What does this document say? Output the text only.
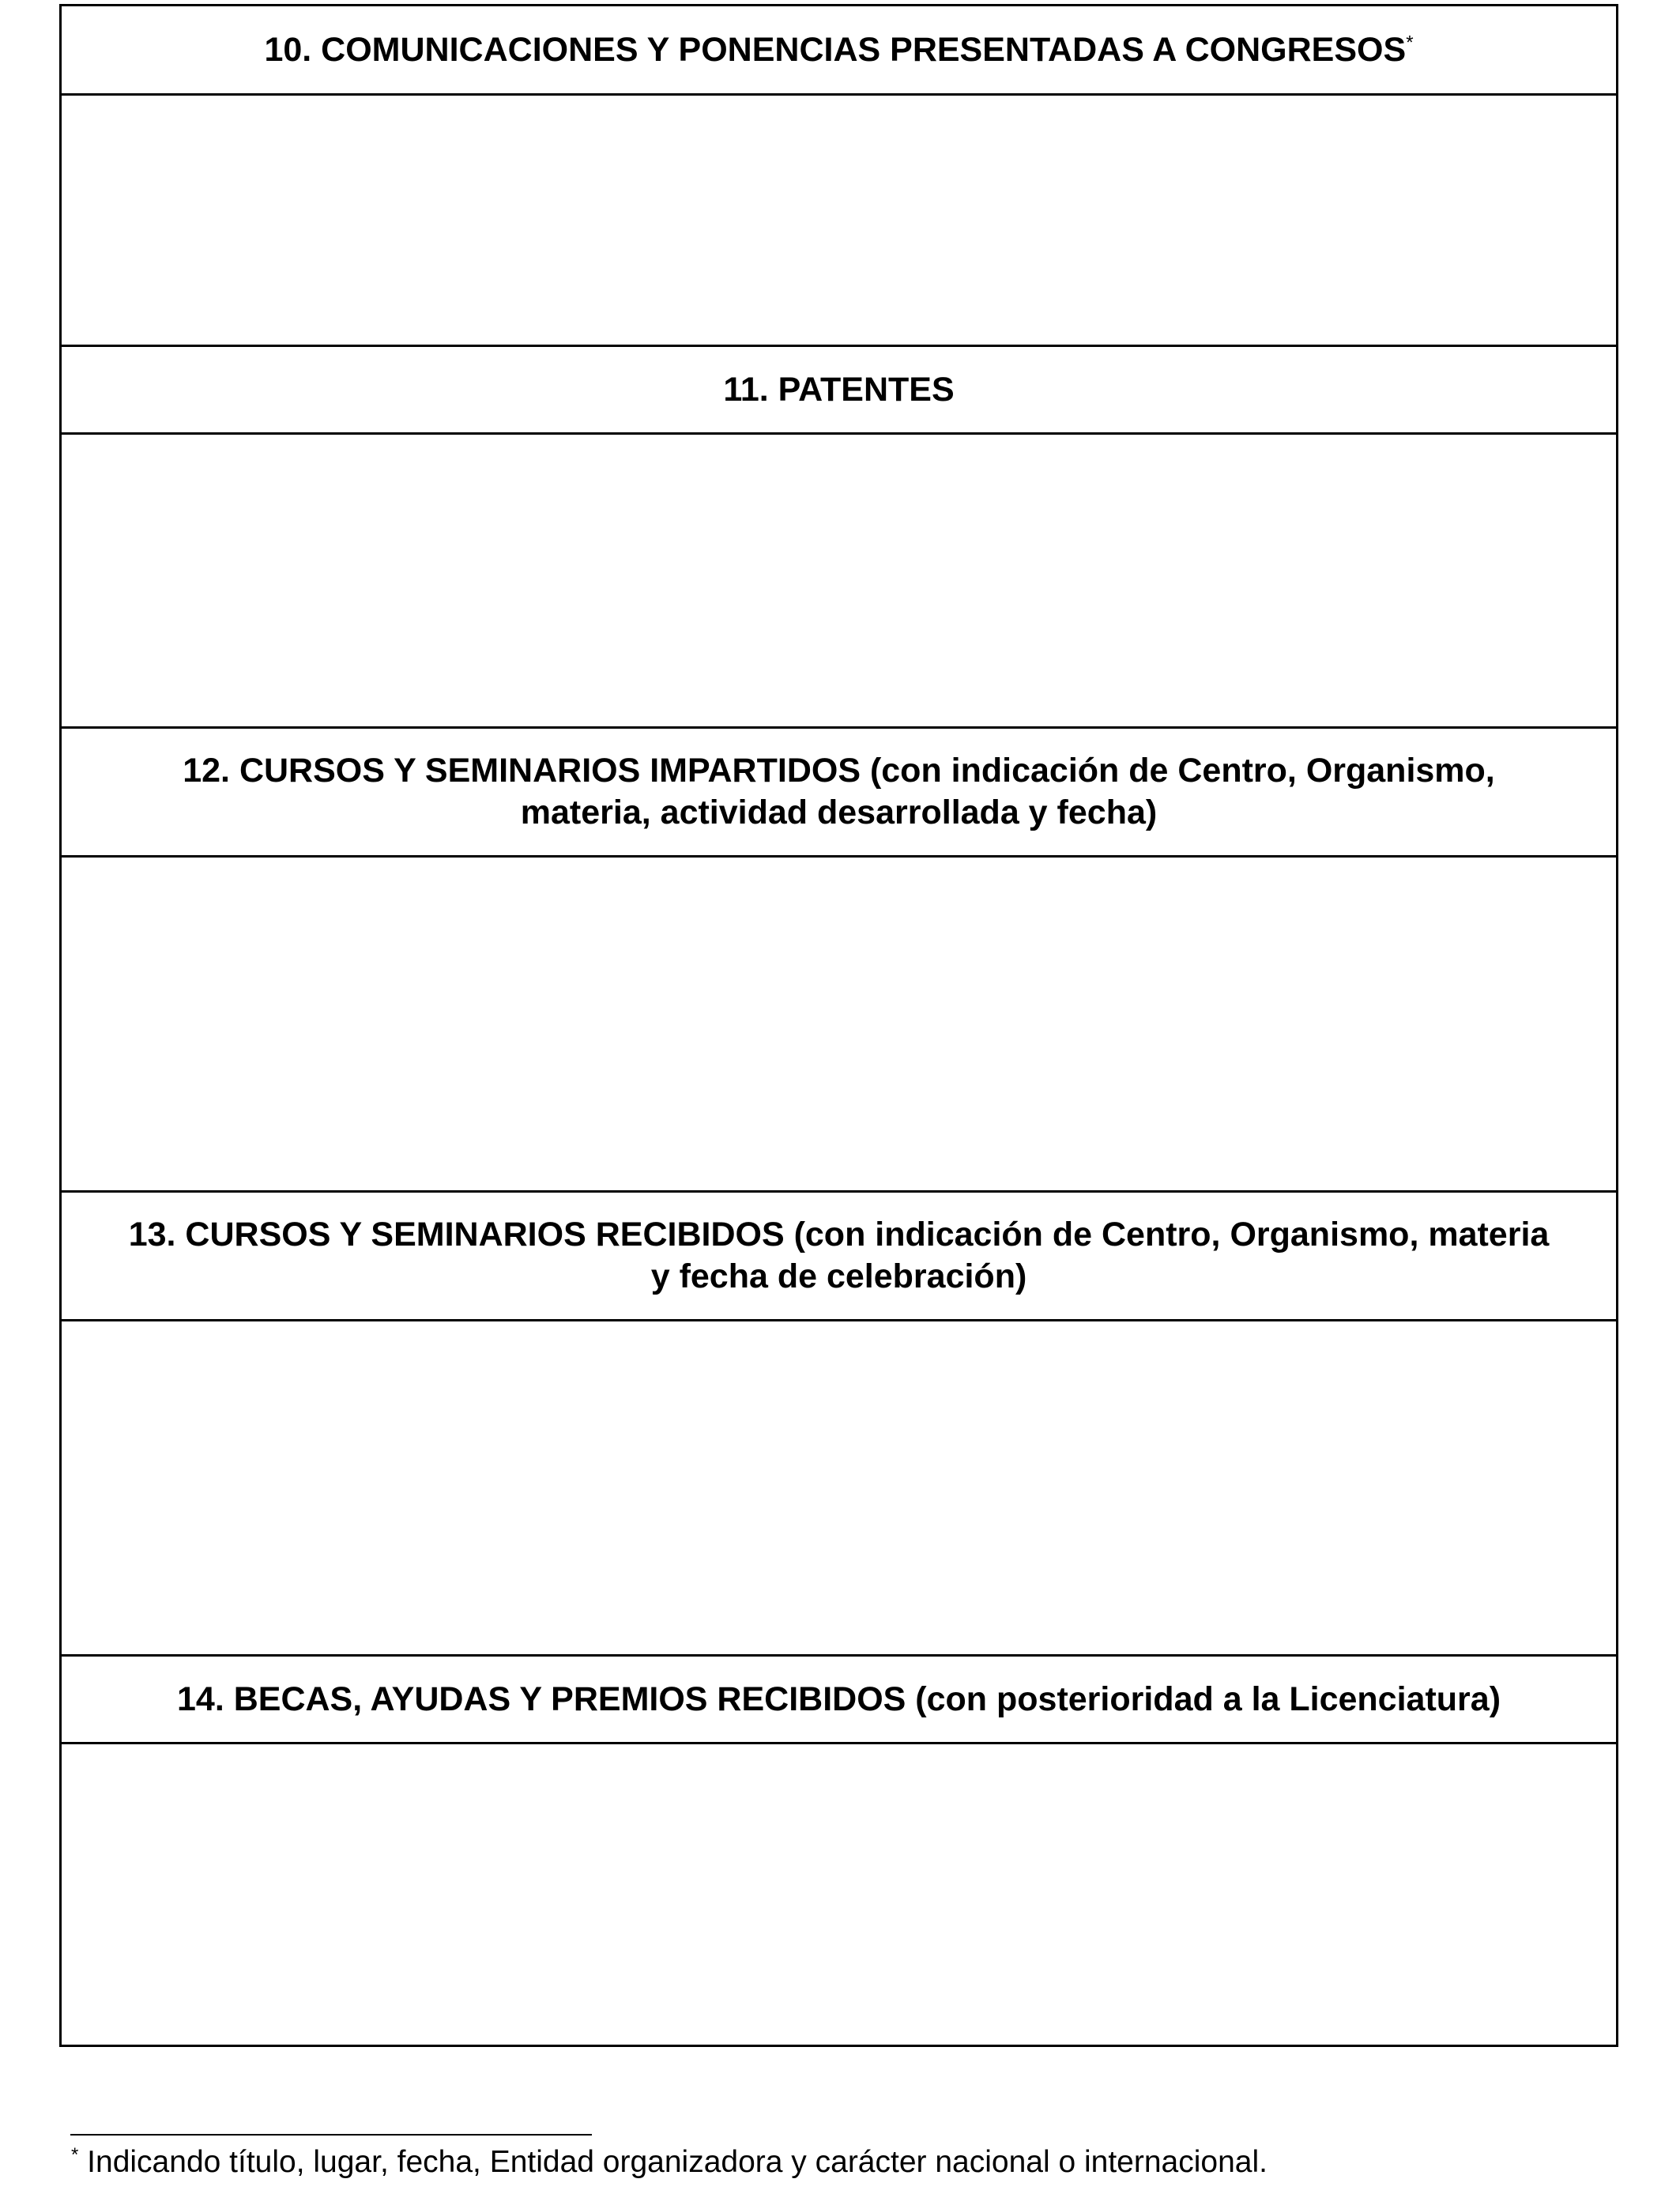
10. COMUNICACIONES Y PONENCIAS PRESENTADAS A CONGRESOS*
11. PATENTES
12. CURSOS Y SEMINARIOS IMPARTIDOS (con indicación de Centro, Organismo,
materia, actividad desarrollada y fecha)
13. CURSOS Y SEMINARIOS RECIBIDOS (con indicación de Centro, Organismo, materia
y fecha de celebración)
14. BECAS, AYUDAS Y PREMIOS RECIBIDOS (con posterioridad a la Licenciatura)
* Indicando título, lugar, fecha, Entidad organizadora y carácter nacional o internacional.
